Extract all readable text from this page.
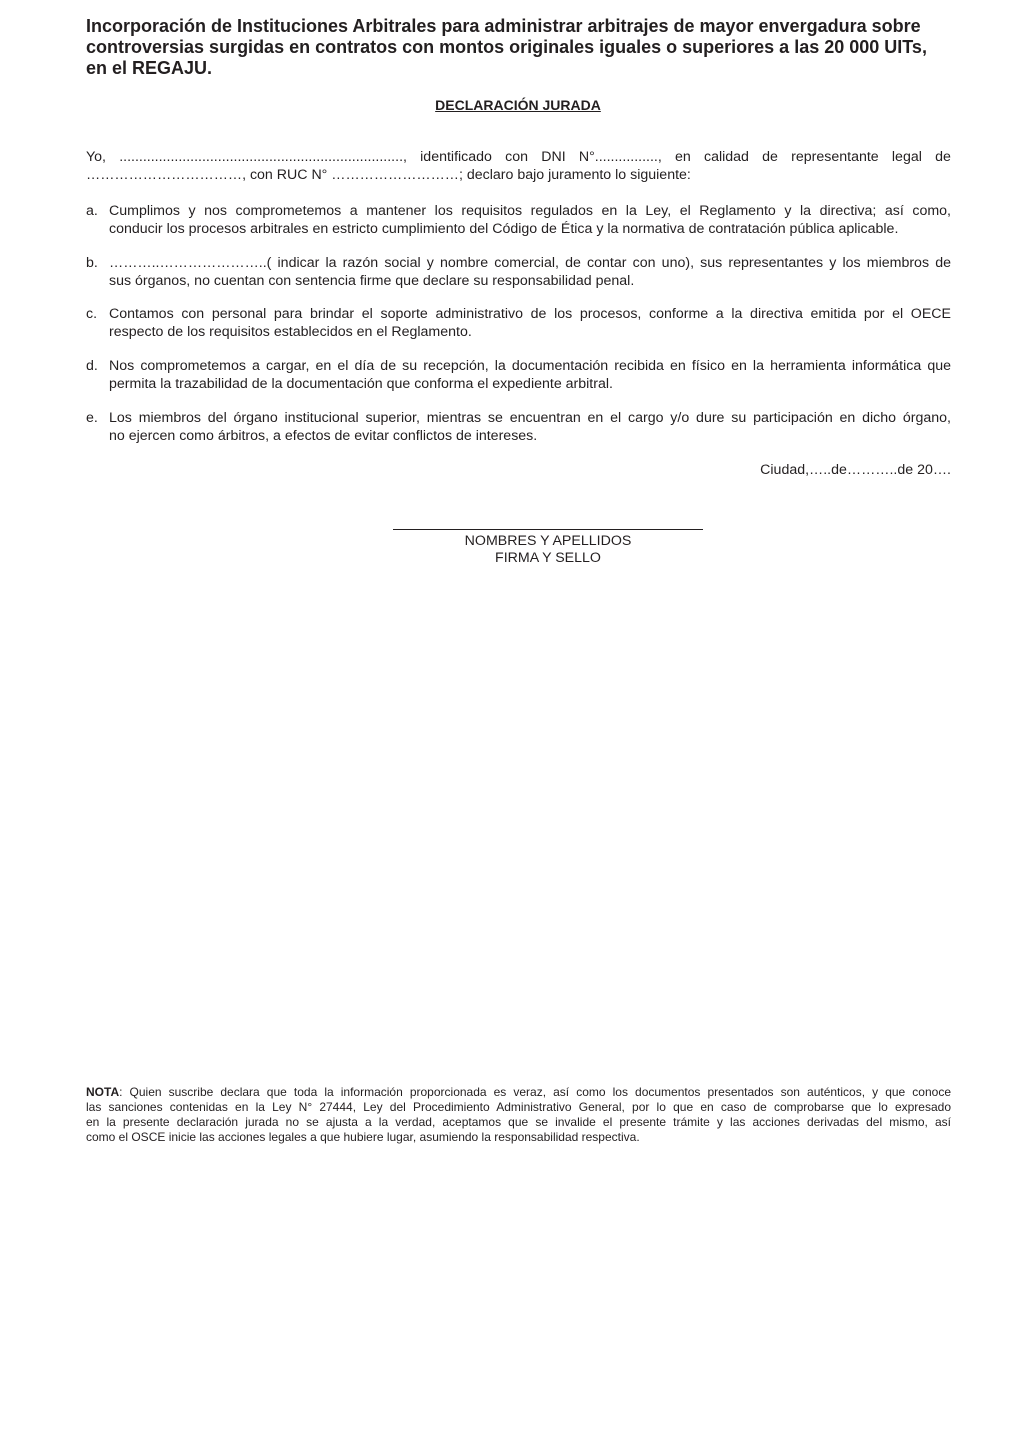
Incorporación de Instituciones Arbitrales para administrar arbitrajes de mayor envergadura sobre
controversias surgidas en contratos con montos originales iguales o superiores a las 20 000 UITs,
en el REGAJU.
DECLARACIÓN JURADA
Yo, ........................................................................, identificado con DNI N°................, en calidad de representante legal de
……………………………, con RUC N° ………………………; declaro bajo juramento lo siguiente:
a. Cumplimos y nos comprometemos a mantener los requisitos regulados en la Ley, el Reglamento y la directiva; así como,
conducir los procesos arbitrales en estricto cumplimiento del Código de Ética y la normativa de contratación pública aplicable.
b. ………..…………………..( indicar la razón social y nombre comercial, de contar con uno), sus representantes y los miembros de
sus órganos, no cuentan con sentencia firme que declare su responsabilidad penal.
c. Contamos con personal para brindar el soporte administrativo de los procesos, conforme a la directiva emitida por el OECE
respecto de los requisitos establecidos en el Reglamento.
d. Nos comprometemos a cargar, en el día de su recepción, la documentación recibida en físico en la herramienta informática que
permita la trazabilidad de la documentación que conforma el expediente arbitral.
e. Los miembros del órgano institucional superior, mientras se encuentran en el cargo y/o dure su participación en dicho órgano,
no ejercen como árbitros, a efectos de evitar conflictos de intereses.
Ciudad,…..de………..de 20….
NOMBRES Y APELLIDOS
FIRMA Y SELLO
NOTA: Quien suscribe declara que toda la información proporcionada es veraz, así como los documentos presentados son auténticos, y que conoce
las sanciones contenidas en la Ley N° 27444, Ley del Procedimiento Administrativo General, por lo que en caso de comprobarse que lo expresado
en la presente declaración jurada no se ajusta a la verdad, aceptamos que se invalide el presente trámite y las acciones derivadas del mismo, así
como el OSCE inicie las acciones legales a que hubiere lugar, asumiendo la responsabilidad respectiva.
